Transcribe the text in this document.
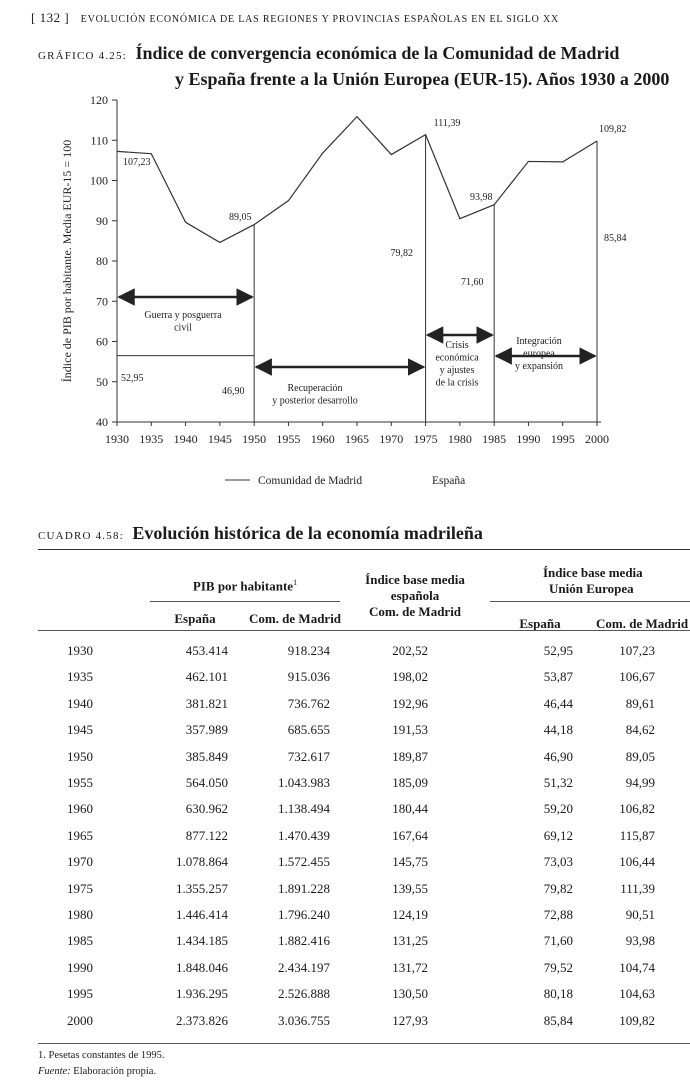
[ 132 ] EVOLUCIÓN ECONÓMICA DE LAS REGIONES Y PROVINCIAS ESPAÑOLAS EN EL SIGLO XX
GRÁFICO 4.25: Índice de convergencia económica de la Comunidad de Madrid
y España frente a la Unión Europea (EUR-15). Años 1930 a 2000
40
50
60
70
80
90
100
110
120
1930 1935 1940 1945 1950 1955 1960 1965 1970 1975 1980 1985 1990 1995 2000
Índice de PIB por habitante. Media EUR-15 = 100	107,23
89,05
111,39
93,98
109,82
52,95
46,90
79,82
71,60
85,84
Guerra y posguerra
civil
Recuperación
y posterior desarrollo
Crisis
económica
y ajustes
de la crisis
Integración
europea
y expansión
Comunidad de Madrid	España
CUADRO 4.58: Evolución histórica de la economía madrileña
PIB por habitante$^1$
España	Com. de Madrid
Índice base media
española
Com. de Madrid
Índice base media
Unión Europea
España	Com. de Madrid
1930	453.414	918.234	202,52	52,95	107,23
1935	462.101	915.036	198,02	53,87	106,67
1940	381.821	736.762	192,96	46,44	89,61
1945	357.989	685.655	191,53	44,18	84,62
1950	385.849	732.617	189,87	46,90	89,05
1955	564.050	1.043.983	185,09	51,32	94,99
1960	630.962	1.138.494	180,44	59,20	106,82
1965	877.122	1.470.439	167,64	69,12	115,87
1970	1.078.864	1.572.455	145,75	73,03	106,44
1975	1.355.257	1.891.228	139,55	79,82	111,39
1980	1.446.414	1.796.240	124,19	72,88	90,51
1985	1.434.185	1.882.416	131,25	71,60	93,98
1990	1.848.046	2.434.197	131,72	79,52	104,74
1995	1.936.295	2.526.888	130,50	80,18	104,63
2000	2.373.826	3.036.755	127,93	85,84	109,82
1. Pesetas constantes de 1995.
Fuente: Elaboración propia.
